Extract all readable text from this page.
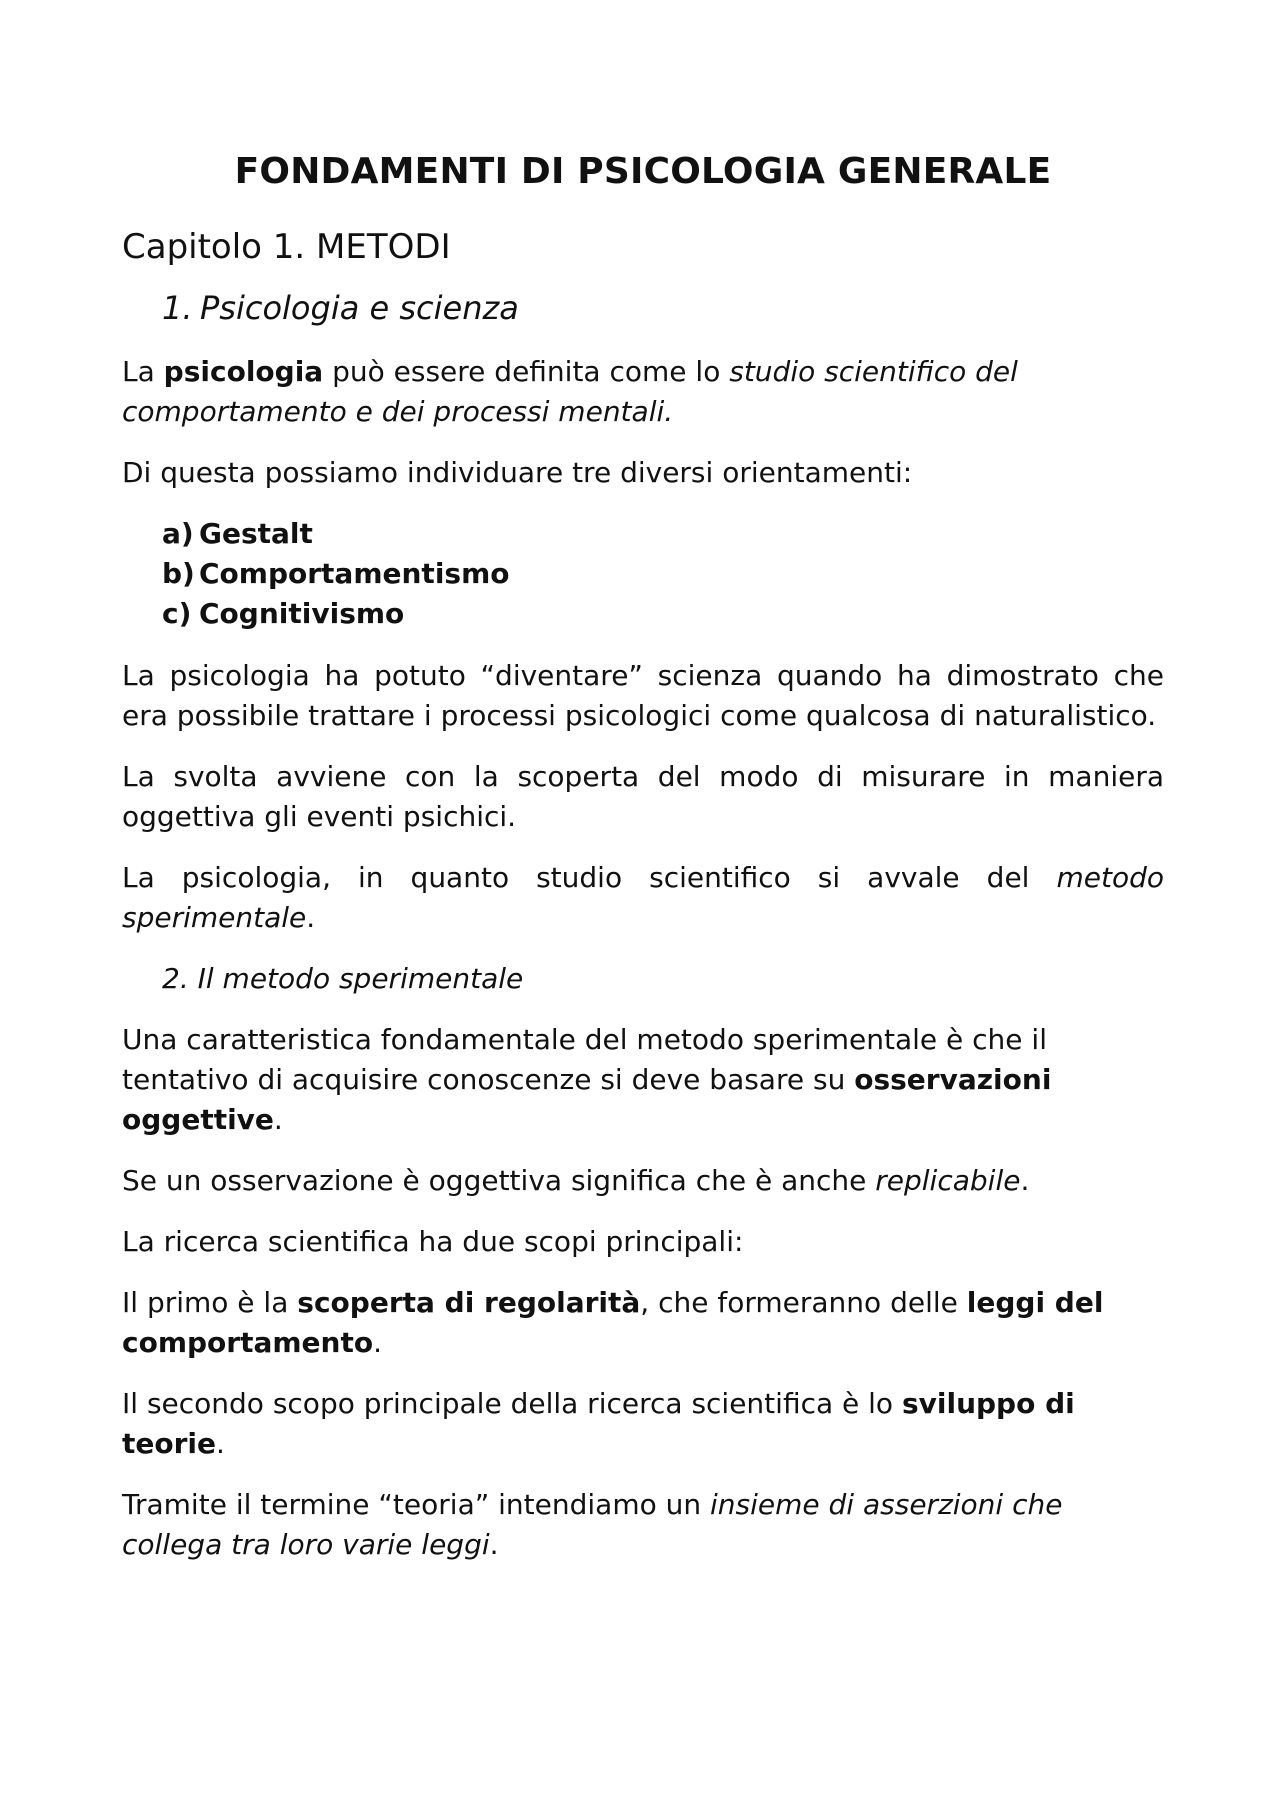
FONDAMENTI DI PSICOLOGIA GENERALE
Capitolo 1. METODI
1. Psicologia e scienza

La psicologia può essere definita come lo studio scientifico del comportamento e dei processi mentali.

Di questa possiamo individuare tre diversi orientamenti:

a) Gestalt
b) Comportamentismo
c) Cognitivismo

La psicologia ha potuto “diventare” scienza quando ha dimostrato che era possibile trattare i processi psicologici come qualcosa di naturalistico.

La svolta avviene con la scoperta del modo di misurare in maniera oggettiva gli eventi psichici.

La psicologia, in quanto studio scientifico si avvale del metodo sperimentale.

2. Il metodo sperimentale

Una caratteristica fondamentale del metodo sperimentale è che il tentativo di acquisire conoscenze si deve basare su osservazioni oggettive.

Se un osservazione è oggettiva significa che è anche replicabile.

La ricerca scientifica ha due scopi principali:

Il primo è la scoperta di regolarità, che formeranno delle leggi del comportamento.

Il secondo scopo principale della ricerca scientifica è lo sviluppo di teorie.

Tramite il termine “teoria” intendiamo un insieme di asserzioni che collega tra loro varie leggi.
